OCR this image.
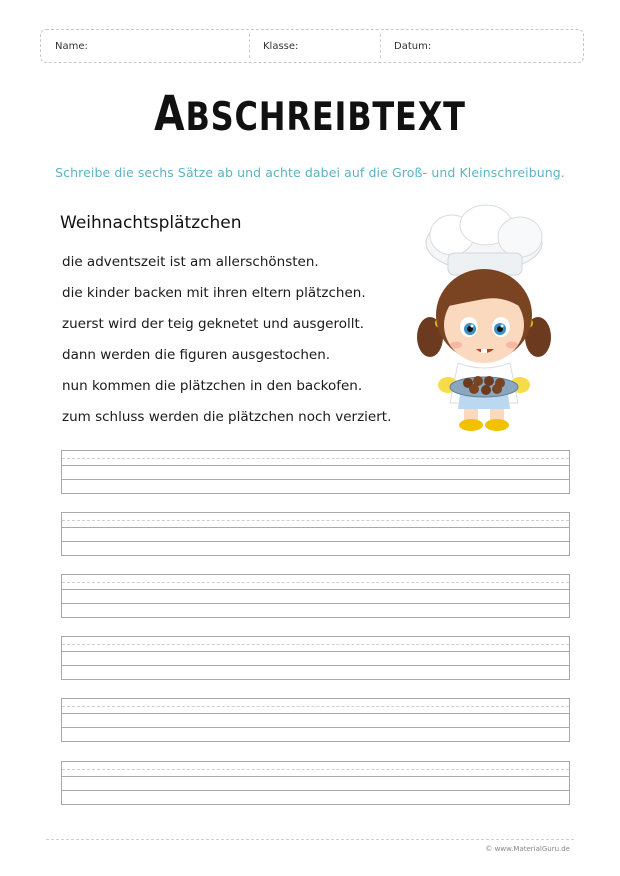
Name:	Klasse:	Datum:
ABSCHREIBTEXT
Schreibe die sechs Sätze ab und achte dabei auf die Groß- und Kleinschreibung.
Weihnachtsplätzchen
die adventszeit ist am allerschönsten.
die kinder backen mit ihren eltern plätzchen.
zuerst wird der teig geknetet und ausgerollt.
dann werden die figuren ausgestochen.
nun kommen die plätzchen in den backofen.
zum schluss werden die plätzchen noch verziert.
© www.MaterialGuru.de
